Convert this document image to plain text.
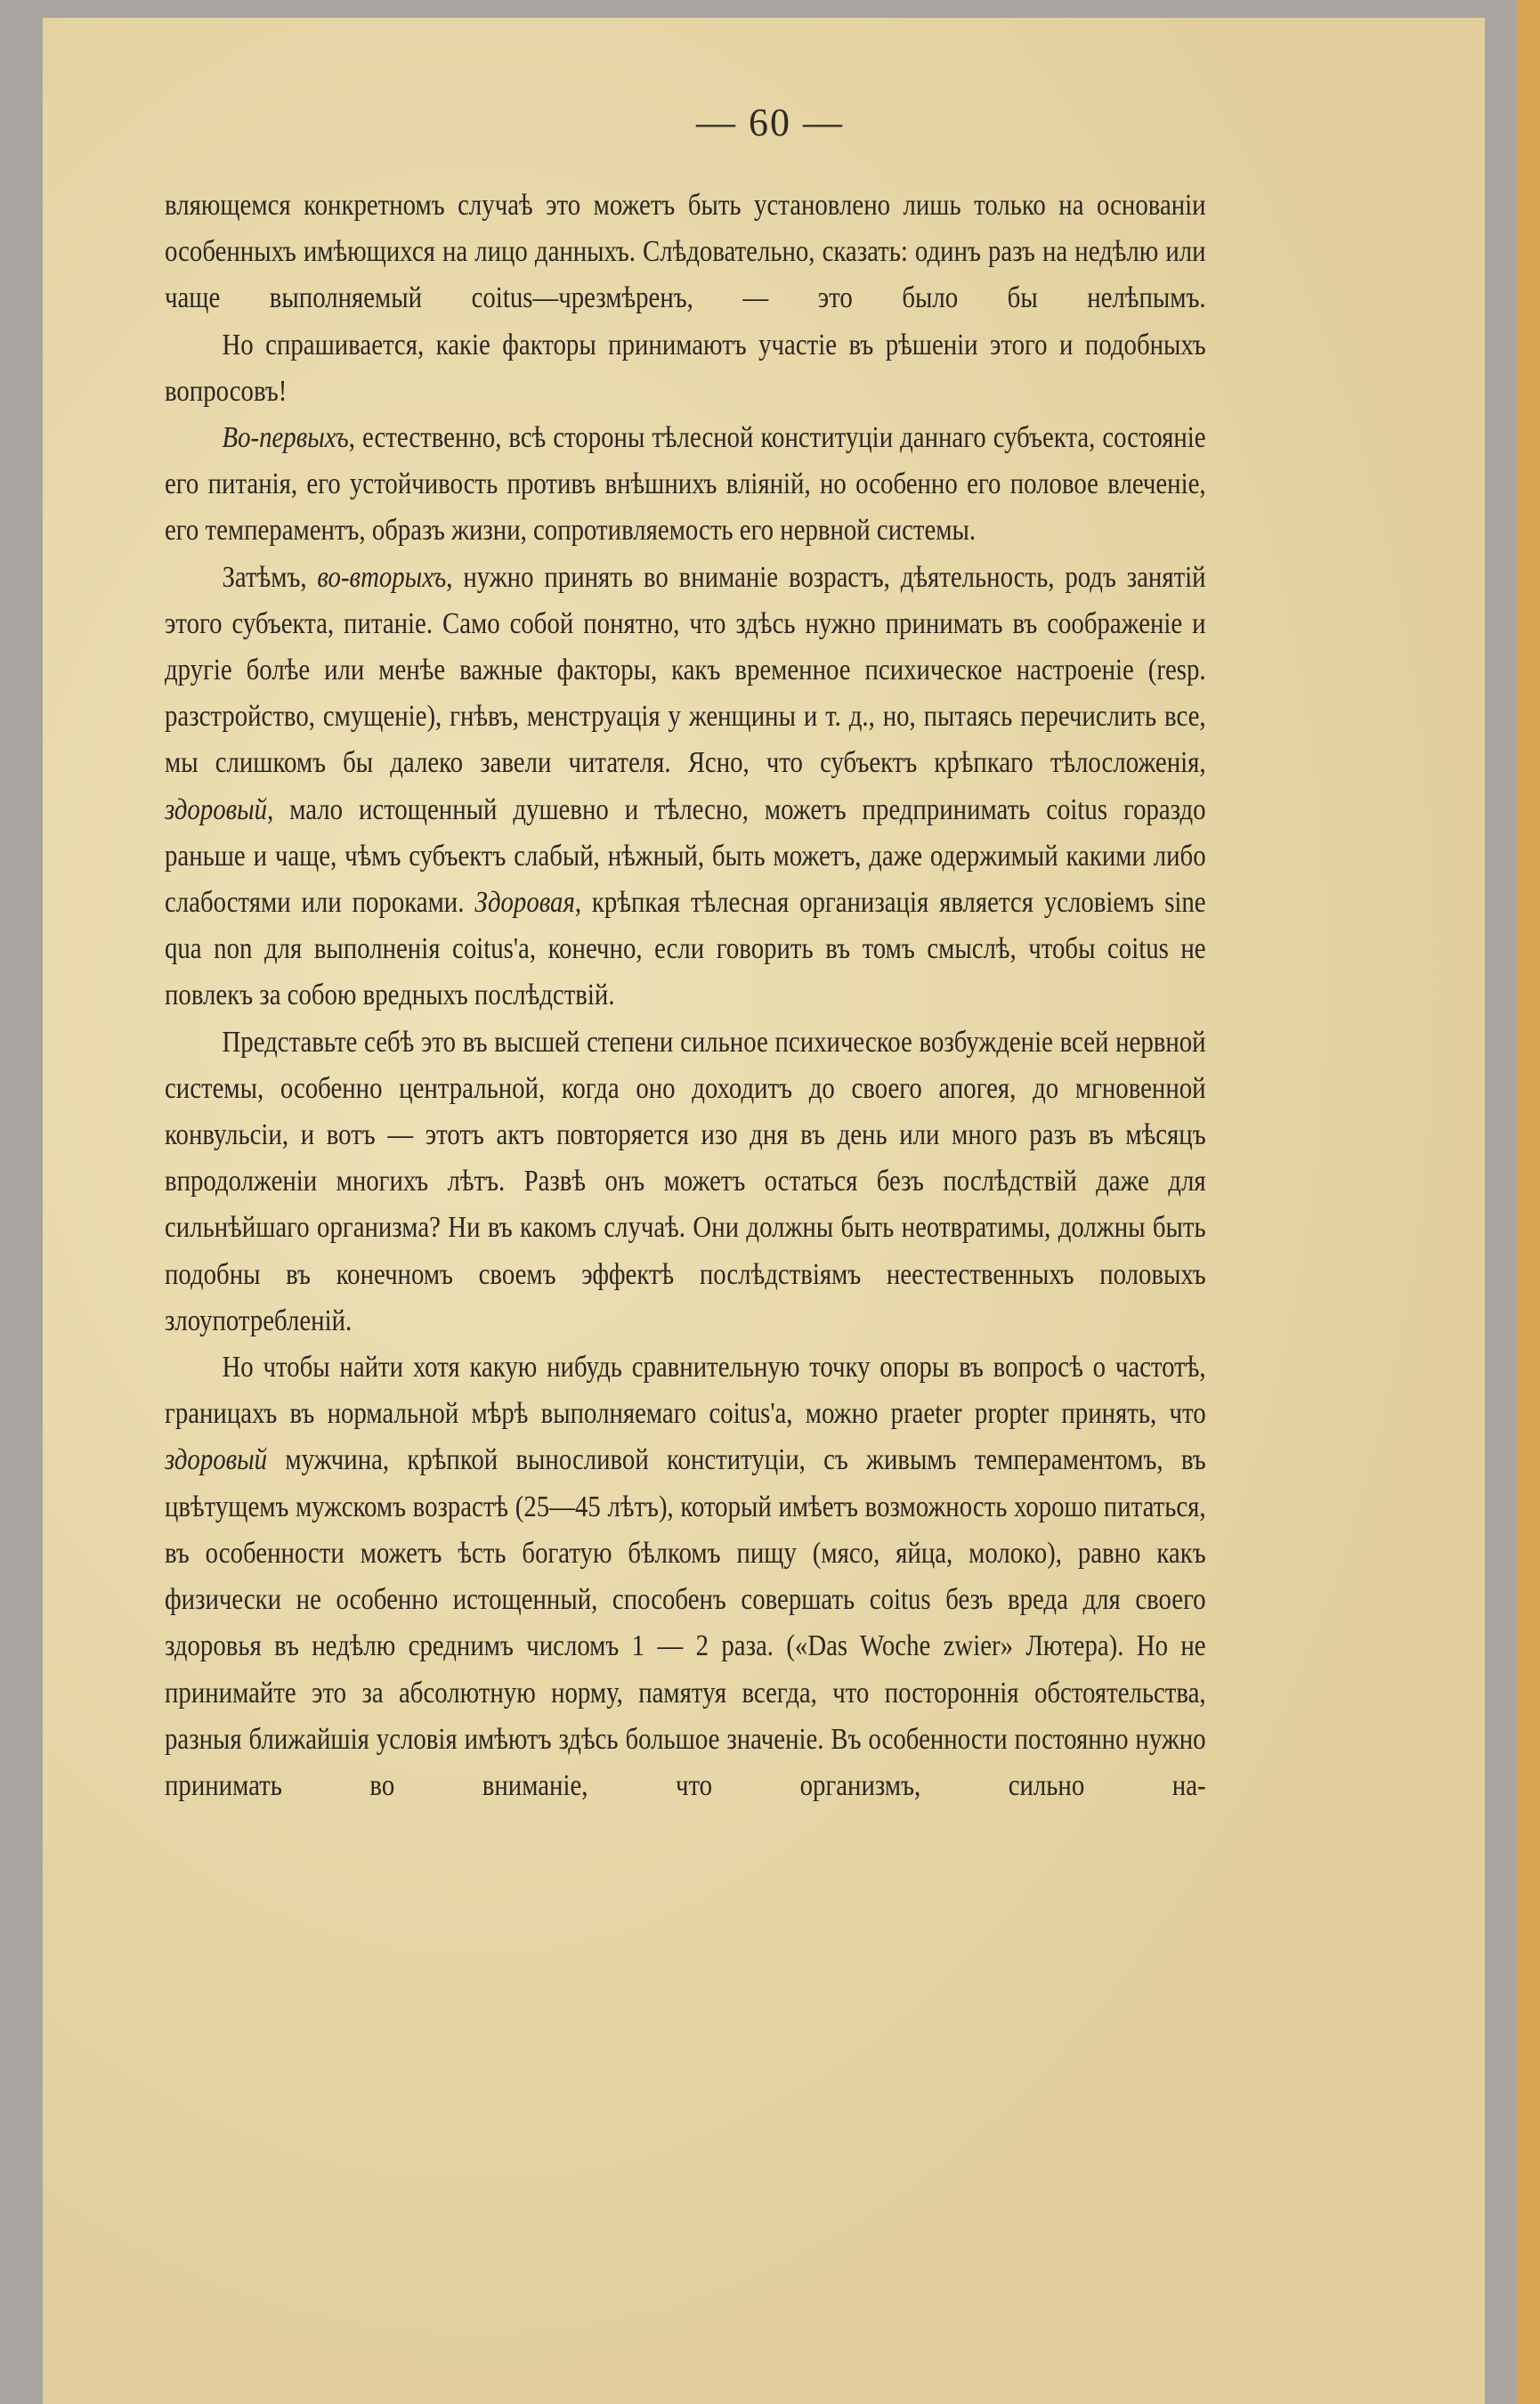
— 60 —

вляющемся конкретномъ случаѣ это можетъ быть установлено лишь только на основаніи особенныхъ имѣющихся на лицо данныхъ. Слѣдовательно, сказать: одинъ разъ на недѣлю или чаще выполняемый coitus—чрезмѣренъ, — это было бы нелѣпымъ.

Но спрашивается, какіе факторы принимаютъ участіе въ рѣшеніи этого и подобныхъ вопросовъ!

Во-первыхъ, естественно, всѣ стороны тѣлесной конституціи даннаго субъекта, состояніе его питанія, его устойчивость противъ внѣшнихъ вліяній, но особенно его половое влеченіе, его темпераментъ, образъ жизни, сопротивляемость его нервной системы.

Затѣмъ, во-вторыхъ, нужно принять во вниманіе возрастъ, дѣятельность, родъ занятій этого субъекта, питаніе. Само собой понятно, что здѣсь нужно принимать въ соображеніе и другіе болѣе или менѣе важные факторы, какъ временное психическое настроеніе (resp. разстройство, смущеніе), гнѣвъ, менструація у женщины и т. д., но, пытаясь перечислить все, мы слишкомъ бы далеко завели читателя. Ясно, что субъектъ крѣпкаго тѣлосложенія, здоровый, мало истощенный душевно и тѣлесно, можетъ предпринимать coitus гораздо раньше и чаще, чѣмъ субъектъ слабый, нѣжный, быть можетъ, даже одержимый какими либо слабостями или пороками. Здоровая, крѣпкая тѣлесная организація является условіемъ sine qua non для выполненія coitus'a, конечно, если говорить въ томъ смыслѣ, чтобы coitus не повлекъ за собою вредныхъ послѣдствій.

Представьте себѣ это въ высшей степени сильное психическое возбужденіе всей нервной системы, особенно центральной, когда оно доходитъ до своего апогея, до мгновенной конвульсіи, и вотъ — этотъ актъ повторяется изо дня въ день или много разъ въ мѣсяцъ впродолженіи многихъ лѣтъ. Развѣ онъ можетъ остаться безъ послѣдствій даже для сильнѣйшаго организма? Ни въ какомъ случаѣ. Они должны быть неотвратимы, должны быть подобны въ конечномъ своемъ эффектѣ послѣдствіямъ неестественныхъ половыхъ злоупотребленій.

Но чтобы найти хотя какую нибудь сравнительную точку опоры въ вопросѣ о частотѣ, границахъ въ нормальной мѣрѣ выполняемаго coitus'a, можно praeter propter принять, что здоровый мужчина, крѣпкой выносливой конституціи, съ живымъ темпераментомъ, въ цвѣтущемъ мужскомъ возрастѣ (25—45 лѣтъ), который имѣетъ возможность хорошо питаться, въ особенности можетъ ѣсть богатую бѣлкомъ пищу (мясо, яйца, молоко), равно какъ физически не особенно истощенный, способенъ совершать coitus безъ вреда для своего здоровья въ недѣлю среднимъ числомъ 1 — 2 раза. («Das Woche zwier» Лютера). Но не принимайте это за абсолютную норму, памятуя всегда, что постороннія обстоятельства, разныя ближайшія условія имѣютъ здѣсь большое значеніе. Въ особенности постоянно нужно принимать во вниманіе, что организмъ, сильно на-
